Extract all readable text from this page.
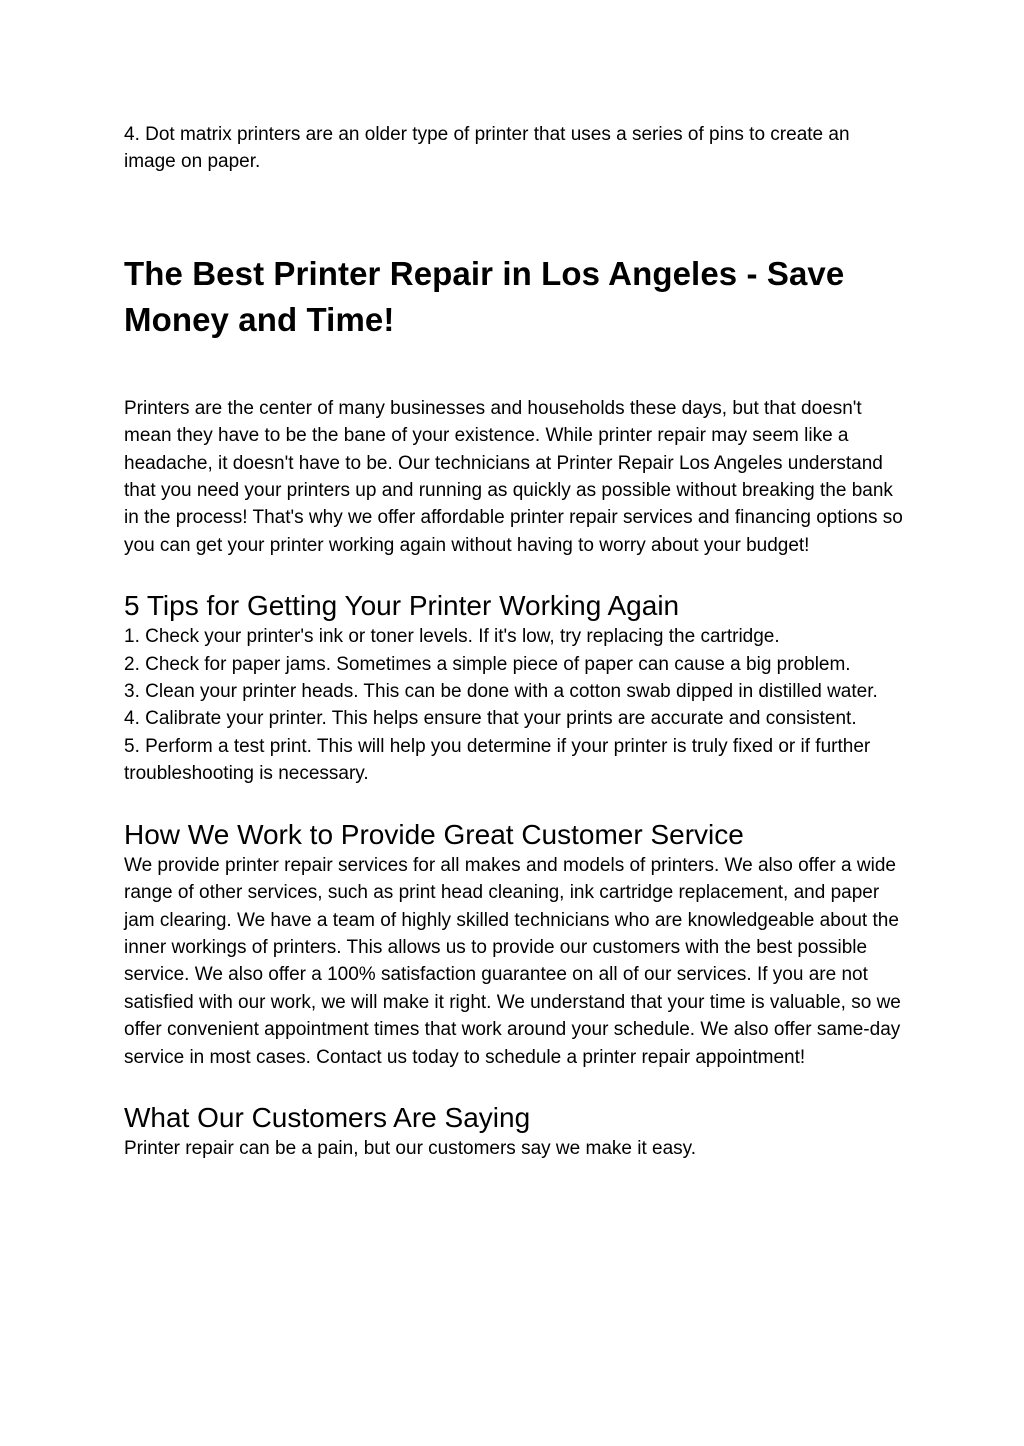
4. Dot matrix printers are an older type of printer that uses a series of pins to create an image on paper.

The Best Printer Repair in Los Angeles - Save Money and Time!

Printers are the center of many businesses and households these days, but that doesn't mean they have to be the bane of your existence. While printer repair may seem like a headache, it doesn't have to be. Our technicians at Printer Repair Los Angeles understand that you need your printers up and running as quickly as possible without breaking the bank in the process! That's why we offer affordable printer repair services and financing options so you can get your printer working again without having to worry about your budget!

5 Tips for Getting Your Printer Working Again
1. Check your printer's ink or toner levels. If it's low, try replacing the cartridge.
2. Check for paper jams. Sometimes a simple piece of paper can cause a big problem.
3. Clean your printer heads. This can be done with a cotton swab dipped in distilled water.
4. Calibrate your printer. This helps ensure that your prints are accurate and consistent.
5. Perform a test print. This will help you determine if your printer is truly fixed or if further troubleshooting is necessary.
How We Work to Provide Great Customer Service

We provide printer repair services for all makes and models of printers. We also offer a wide range of other services, such as print head cleaning, ink cartridge replacement, and paper jam clearing. We have a team of highly skilled technicians who are knowledgeable about the inner workings of printers. This allows us to provide our customers with the best possible service. We also offer a 100% satisfaction guarantee on all of our services. If you are not satisfied with our work, we will make it right. We understand that your time is valuable, so we offer convenient appointment times that work around your schedule. We also offer same-day service in most cases. Contact us today to schedule a printer repair appointment!

What Our Customers Are Saying

Printer repair can be a pain, but our customers say we make it easy.
